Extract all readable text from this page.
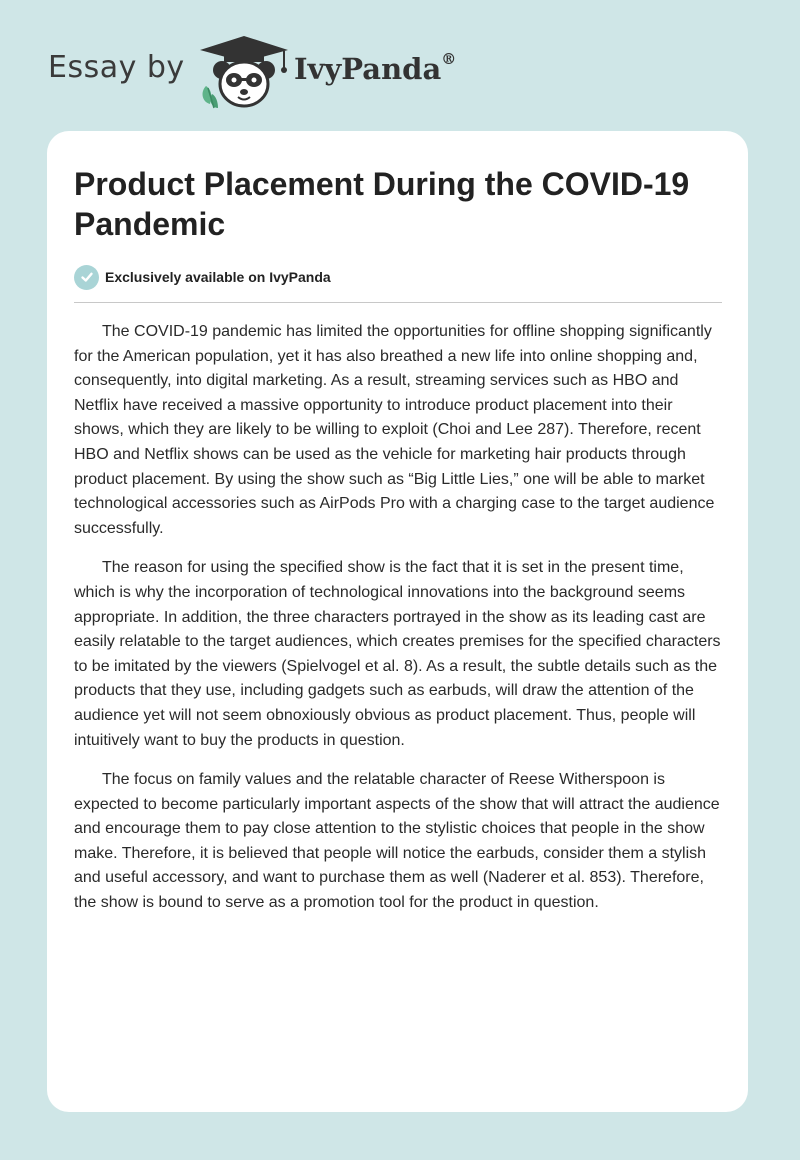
Essay by	IvyPanda®
Product Placement During the COVID-19 Pandemic
Exclusively available on IvyPanda

The COVID-19 pandemic has limited the opportunities for offline shopping significantly for the American population, yet it has also breathed a new life into online shopping and, consequently, into digital marketing. As a result, streaming services such as HBO and Netflix have received a massive opportunity to introduce product placement into their shows, which they are likely to be willing to exploit (Choi and Lee 287). Therefore, recent HBO and Netflix shows can be used as the vehicle for marketing hair products through product placement. By using the show such as “Big Little Lies,” one will be able to market technological accessories such as AirPods Pro with a charging case to the target audience successfully.

The reason for using the specified show is the fact that it is set in the present time, which is why the incorporation of technological innovations into the background seems appropriate. In addition, the three characters portrayed in the show as its leading cast are easily relatable to the target audiences, which creates premises for the specified characters to be imitated by the viewers (Spielvogel et al. 8). As a result, the subtle details such as the products that they use, including gadgets such as earbuds, will draw the attention of the audience yet will not seem obnoxiously obvious as product placement. Thus, people will intuitively want to buy the products in question.

The focus on family values and the relatable character of Reese Witherspoon is expected to become particularly important aspects of the show that will attract the audience and encourage them to pay close attention to the stylistic choices that people in the show make. Therefore, it is believed that people will notice the earbuds, consider them a stylish and useful accessory, and want to purchase them as well (Naderer et al. 853). Therefore, the show is bound to serve as a promotion tool for the product in question.
